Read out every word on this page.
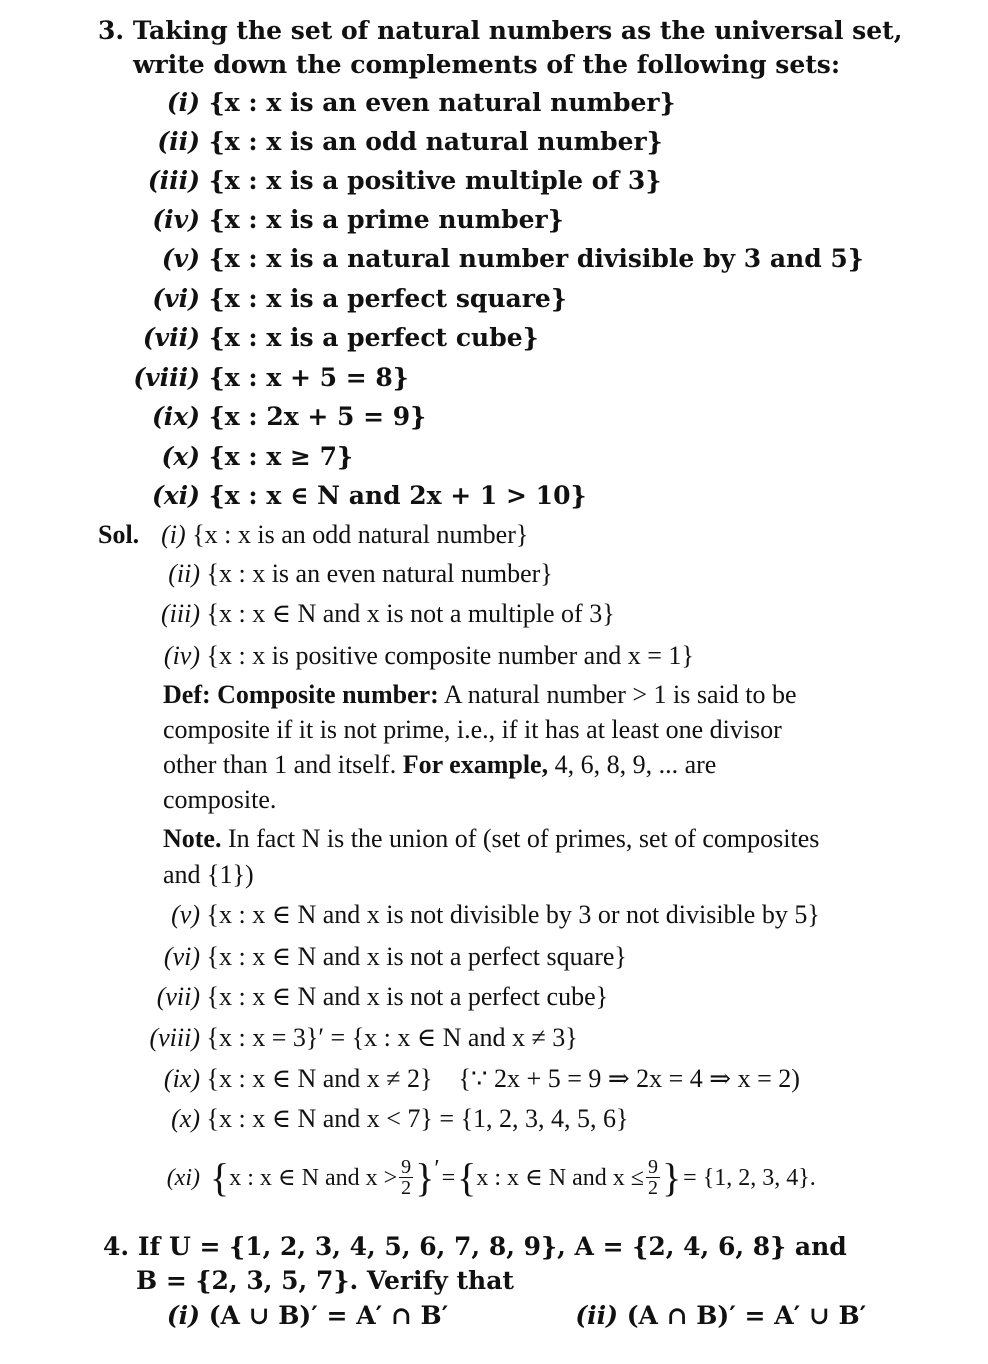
3. Taking the set of natural numbers as the universal set,
write down the complements of the following sets:
(i) {x : x is an even natural number}
(ii) {x : x is an odd natural number}
(iii) {x : x is a positive multiple of 3}
(iv) {x : x is a prime number}
(v) {x : x is a natural number divisible by 3 and 5}
(vi) {x : x is a perfect square}
(vii) {x : x is a perfect cube}
(viii) {x : x + 5 = 8}
(ix) {x : 2x + 5 = 9}
(x) {x : x ≥ 7}
(xi) {x : x ∈ N and 2x + 1 > 10}
Sol. (i) {x : x is an odd natural number}
(ii) {x : x is an even natural number}
(iii) {x : x ∈ N and x is not a multiple of 3}
(iv) {x : x is positive composite number and x = 1}
Def: Composite number: A natural number > 1 is said to be
composite if it is not prime, i.e., if it has at least one divisor
other than 1 and itself. For example, 4, 6, 8, 9, ... are
composite.
Note. In fact N is the union of (set of primes, set of composites
and {1})
(v) {x : x ∈ N and x is not divisible by 3 or not divisible by 5}
(vi) {x : x ∈ N and x is not a perfect square}
(vii) {x : x ∈ N and x is not a perfect cube}
(viii) {x : x = 3}′ = {x : x ∈ N and x ≠ 3}
(ix) {x : x ∈ N and x ≠ 2} {∵ 2x + 5 = 9 ⇒ 2x = 4 ⇒ x = 2)
(x) {x : x ∈ N and x < 7} = {1, 2, 3, 4, 5, 6}
(xi) { x : x ∈ N and $x > \frac{9}{2}$ } ′ = { x : x ∈ N and $x \le \frac{9}{2}$ } = {1, 2, 3, 4}.
4. If U = {1, 2, 3, 4, 5, 6, 7, 8, 9}, A = {2, 4, 6, 8} and
B = {2, 3, 5, 7}. Verify that
(i) (A ∪ B)′ = A′ ∩ B′	(ii) (A ∩ B)′ = A′ ∪ B′
